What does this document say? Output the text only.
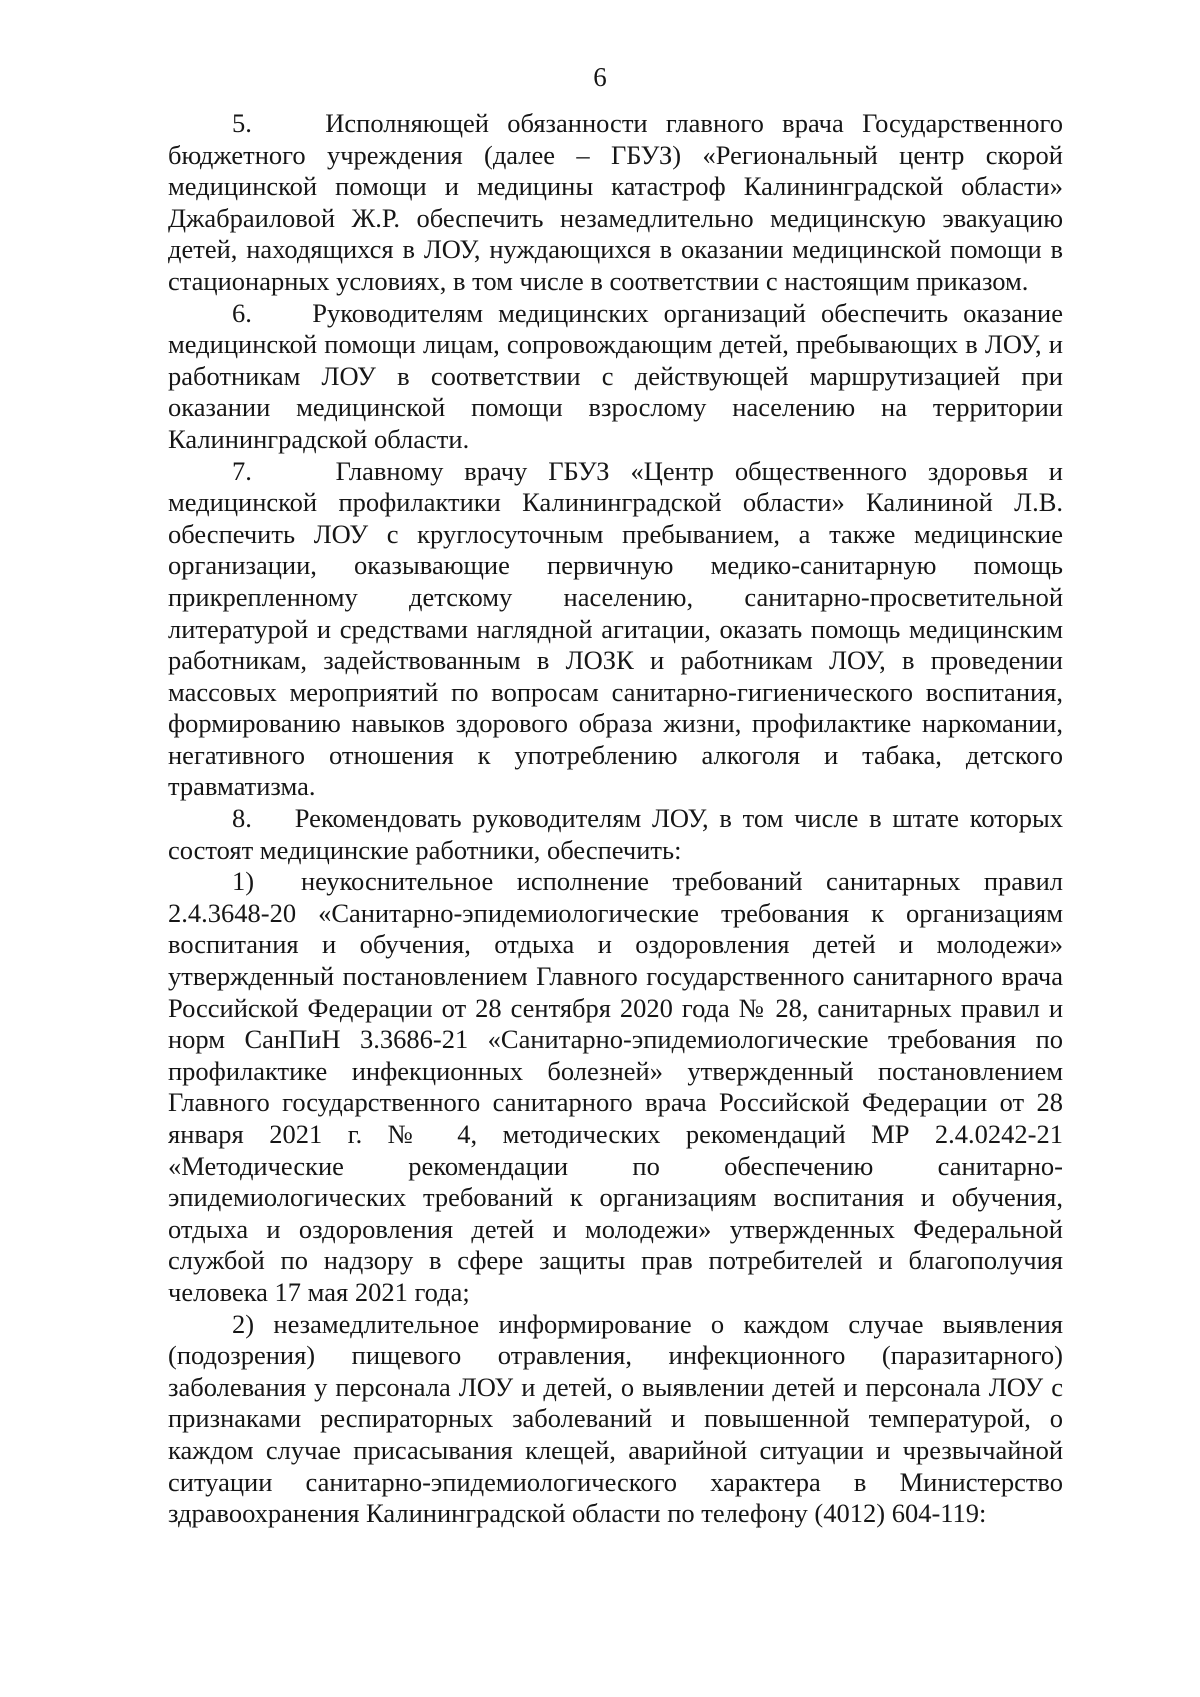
6

5.    Исполняющей обязанности главного врача Государственного бюджетного учреждения (далее – ГБУЗ) «Региональный центр скорой медицинской помощи и медицины катастроф Калининградской области» Джабраиловой Ж.Р. обеспечить незамедлительно медицинскую эвакуацию детей, находящихся в ЛОУ, нуждающихся в оказании медицинской помощи в стационарных условиях, в том числе в соответствии с настоящим приказом.

6.    Руководителям медицинских организаций обеспечить оказание медицинской помощи лицам, сопровождающим детей, пребывающих в ЛОУ, и работникам ЛОУ в соответствии с действующей маршрутизацией при оказании медицинской помощи взрослому населению на территории Калининградской области.

7.    Главному врачу ГБУЗ «Центр общественного здоровья и медицинской профилактики Калининградской области» Калининой Л.В. обеспечить ЛОУ с круглосуточным пребыванием, а также медицинские организации, оказывающие первичную медико-санитарную помощь прикрепленному детскому населению, санитарно-просветительной литературой и средствами наглядной агитации, оказать помощь медицинским работникам, задействованным в ЛОЗК и работникам ЛОУ, в проведении массовых мероприятий по вопросам санитарно-гигиенического воспитания, формированию навыков здорового образа жизни, профилактике наркомании, негативного отношения к употреблению алкоголя и табака, детского травматизма.

8.    Рекомендовать руководителям ЛОУ, в том числе в штате которых состоят медицинские работники, обеспечить:

1)  неукоснительное исполнение требований санитарных правил 2.4.3648-20 «Санитарно-эпидемиологические требования к организациям воспитания и обучения, отдыха и оздоровления детей и молодежи» утвержденный постановлением Главного государственного санитарного врача Российской Федерации от 28 сентября 2020 года № 28, санитарных правил и норм СанПиН 3.3686-21 «Санитарно-эпидемиологические требования по профилактике инфекционных болезней» утвержденный постановлением Главного государственного санитарного врача Российской Федерации от 28 января 2021 г. № 4, методических рекомендаций МР 2.4.0242-21 «Методические рекомендации по обеспечению санитарно-эпидемиологических требований к организациям воспитания и обучения, отдыха и оздоровления детей и молодежи» утвержденных Федеральной службой по надзору в сфере защиты прав потребителей и благополучия человека 17 мая 2021 года;

2) незамедлительное информирование о каждом случае выявления (подозрения) пищевого отравления, инфекционного (паразитарного) заболевания у персонала ЛОУ и детей, о выявлении детей и персонала ЛОУ с признаками респираторных заболеваний и повышенной температурой, о каждом случае присасывания клещей, аварийной ситуации и чрезвычайной ситуации санитарно-эпидемиологического характера в Министерство здравоохранения Калининградской области по телефону (4012) 604-119:
